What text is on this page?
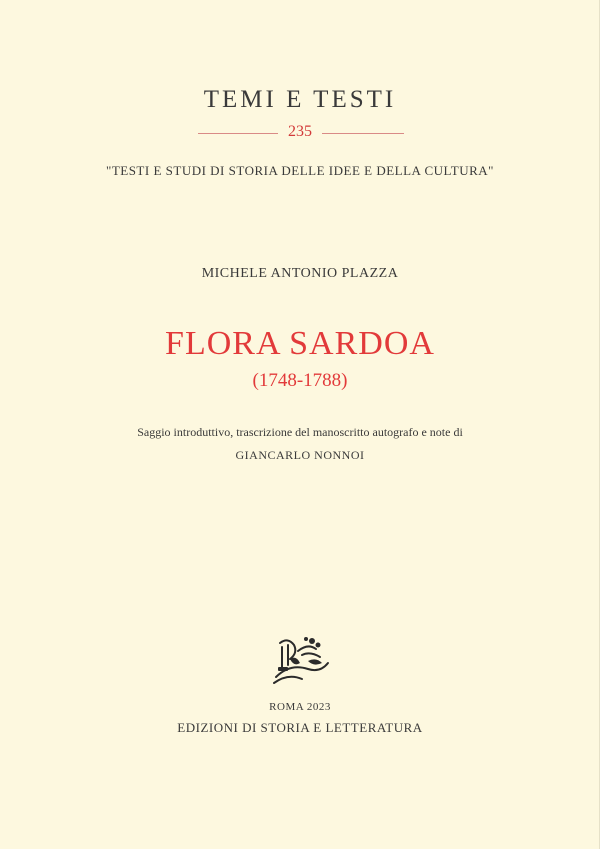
TEMI E TESTI
235
"TESTI E STUDI DI STORIA DELLE IDEE E DELLA CULTURA"
MICHELE ANTONIO PLAZZA
FLORA SARDOA
(1748-1788)
Saggio introduttivo, trascrizione del manoscritto autografo e note di
GIANCARLO NONNOI
ROMA 2023
EDIZIONI DI STORIA E LETTERATURA
